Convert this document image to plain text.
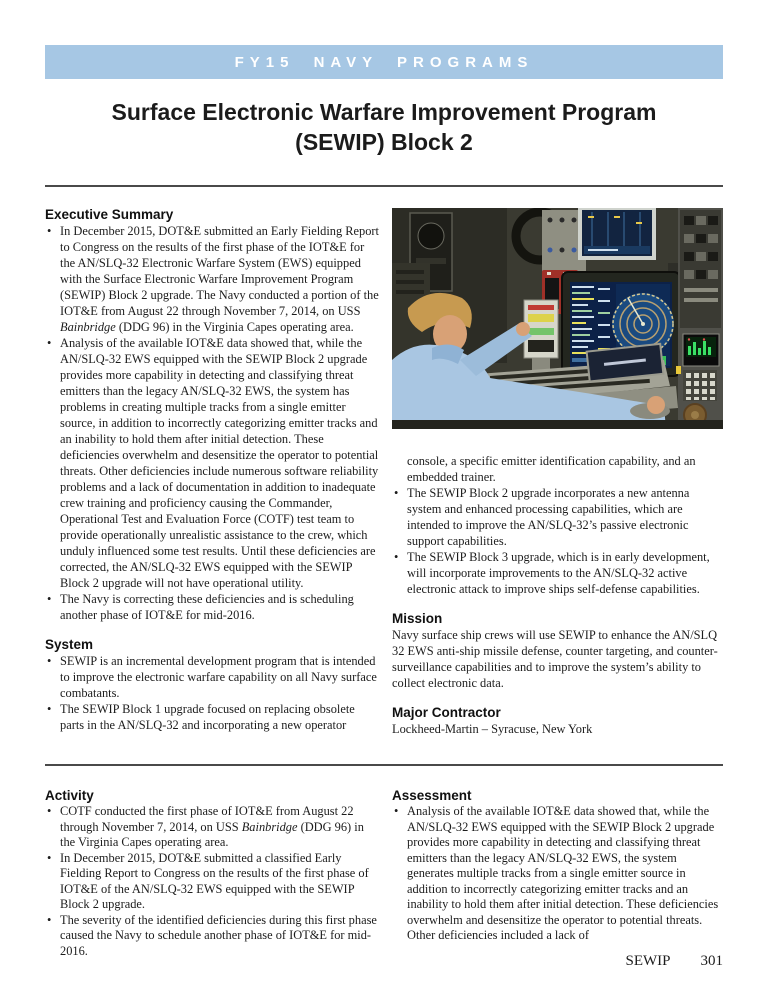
FY15 NAVY PROGRAMS
Surface Electronic Warfare Improvement Program
(SEWIP) Block 2
Executive Summary
• In December 2015, DOT&E submitted an Early Fielding Report to Congress on the results of the first phase of the IOT&E for the AN/SLQ-32 Electronic Warfare System (EWS) equipped with the Surface Electronic Warfare Improvement Program (SEWIP) Block 2 upgrade. The Navy conducted a portion of the IOT&E from August 22 through November 7, 2014, on USS Bainbridge (DDG 96) in the Virginia Capes operating area.
• Analysis of the available IOT&E data showed that, while the AN/SLQ-32 EWS equipped with the SEWIP Block 2 upgrade provides more capability in detecting and classifying threat emitters than the legacy AN/SLQ-32 EWS, the system has problems in creating multiple tracks from a single emitter source, in addition to incorrectly categorizing emitter tracks and an inability to hold them after initial detection. These deficiencies overwhelm and desensitize the operator to potential threats. Other deficiencies include numerous software reliability problems and a lack of documentation in addition to inadequate crew training and proficiency causing the Commander, Operational Test and Evaluation Force (COTF) test team to provide operationally unrealistic assistance to the crew, which unduly influenced some test results. Until these deficiencies are corrected, the AN/SLQ-32 EWS equipped with the SEWIP Block 2 upgrade will not have operational utility.
• The Navy is correcting these deficiencies and is scheduling another phase of IOT&E for mid-2016.
System
• SEWIP is an incremental development program that is intended to improve the electronic warfare capability on all Navy surface combatants.
• The SEWIP Block 1 upgrade focused on replacing obsolete parts in the AN/SLQ-32 and incorporating a new operator

console, a specific emitter identification capability, and an embedded trainer.

• The SEWIP Block 2 upgrade incorporates a new antenna system and enhanced processing capabilities, which are intended to improve the AN/SLQ-32’s passive electronic support capabilities.
• The SEWIP Block 3 upgrade, which is in early development, will incorporate improvements to the AN/SLQ-32 active electronic attack to improve ships self-defense capabilities.
Mission

Navy surface ship crews will use SEWIP to enhance the AN/SLQ 32 EWS anti-ship missile defense, counter targeting, and counter-surveillance capabilities and to improve the system’s ability to collect electronic data.

Major Contractor

Lockheed-Martin – Syracuse, New York

Activity
• COTF conducted the first phase of IOT&E from August 22 through November 7, 2014, on USS Bainbridge (DDG 96) in the Virginia Capes operating area.
• In December 2015, DOT&E submitted a classified Early Fielding Report to Congress on the results of the first phase of IOT&E of the AN/SLQ-32 EWS equipped with the SEWIP Block 2 upgrade.
• The severity of the identified deficiencies during this first phase caused the Navy to schedule another phase of IOT&E for mid-2016.
Assessment
• Analysis of the available IOT&E data showed that, while the AN/SLQ-32 EWS equipped with the SEWIP Block 2 upgrade provides more capability in detecting and classifying threat emitters than the legacy AN/SLQ-32 EWS, the system generates multiple tracks from a single emitter source in addition to incorrectly categorizing emitter tracks and an inability to hold them after initial detection. These deficiencies overwhelm and desensitize the operator to potential threats. Other deficiencies included a lack of
SEWIP 301
